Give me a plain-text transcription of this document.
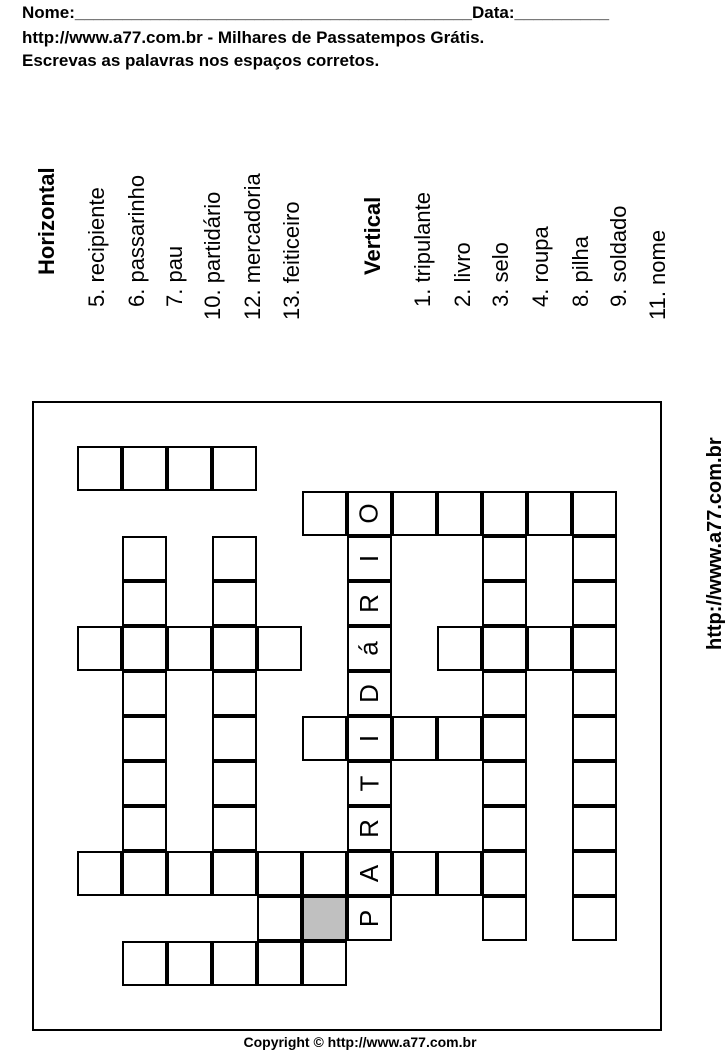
Nome:__________________________________________Data:__________
http://www.a77.com.br - Milhares de Passatempos Grátis.
Escrevas as palavras nos espaços corretos.
Horizontal 5. recipiente 6. passarinho 7. pau 10. partidário 12. mercadoria 13. feiticeiro	Vertical 1. tripulante 2. livro 3. selo 4. roupa 8. pilha 9. soldado 11. nome
P
A
R
T
I
D
á
R
I
O	http://www.a77.com.br
Copyright © http://www.a77.com.br
